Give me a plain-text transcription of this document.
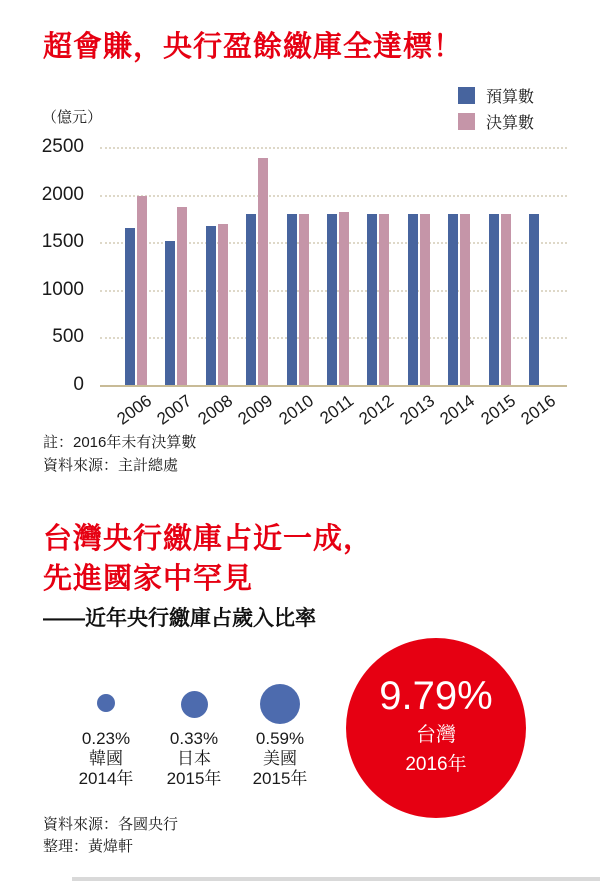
超會賺，央行盈餘繳庫全達標！
（億元）
預算數
決算數
0
500
1000
1500
2000
2500
2006
2007
2008
2009
2010 2011
2012
2013
2014
2015
2016
註：2016年未有決算數
資料來源：主計總處
台灣央行繳庫占近一成，
先進國家中罕見
——近年央行繳庫占歲入比率
0.23%
韓國
2014年
0.33%
日本
2015年
0.59%
美國
2015年
9.79%
台灣
2016年
資料來源：各國央行
整理：黃煒軒
